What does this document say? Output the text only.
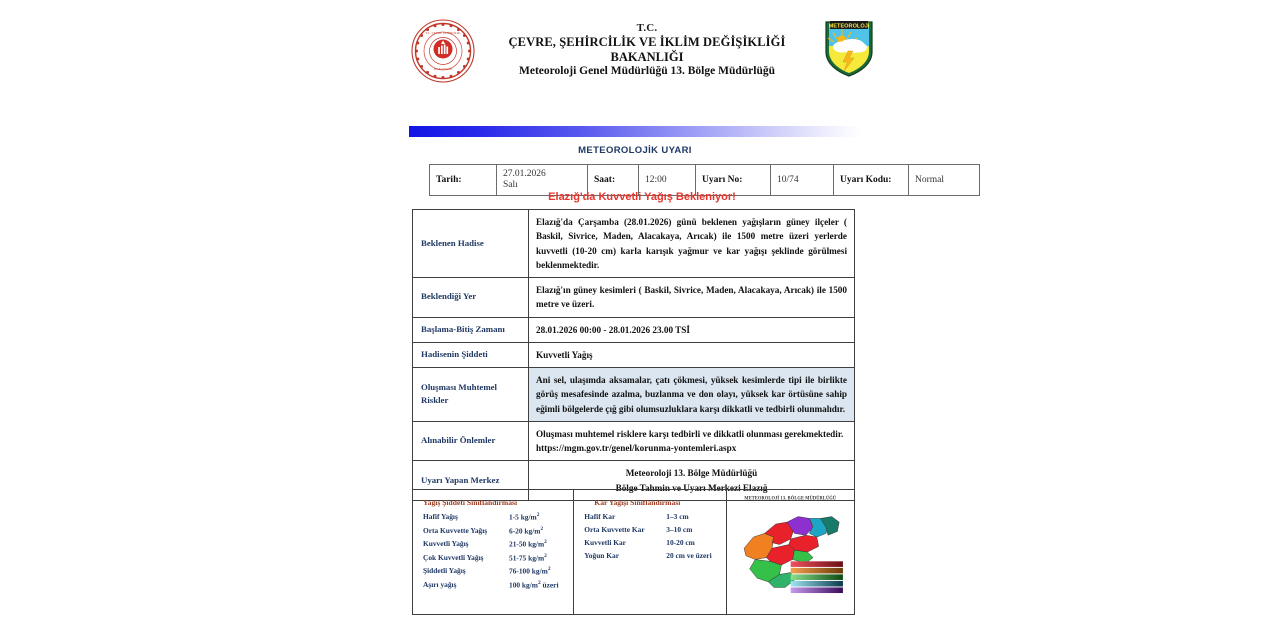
T.C. ÇEVRE ŞEHİRCİLİK
BAKANLIĞI
T.C.
ÇEVRE, ŞEHİRCİLİK VE İKLİM DEĞİŞİKLİĞİ
BAKANLIĞI
Meteoroloji Genel Müdürlüğü 13. Bölge Müdürlüğü
METEOROLOJİ
METEOROLOJİK UYARI
Tarih:	
27.01.2026
Salı
	Saat:	12:00	Uyarı No:	10/74	Uyarı Kodu:	Normal
Elazığ'da Kuvvetli Yağış Bekleniyor!
Beklenen Hadise	Elazığ'da Çarşamba (28.01.2026) günü beklenen yağışların güney ilçeler ( Baskil, Sivrice, Maden, Alacakaya, Arıcak) ile 1500 metre üzeri yerlerde kuvvetli (10-20 cm) karla karışık yağmur ve kar yağışı şeklinde görülmesi beklenmektedir.
Beklendiği Yer	Elazığ'ın güney kesimleri ( Baskil, Sivrice, Maden, Alacakaya, Arıcak) ile 1500 metre ve üzeri.
Başlama-Bitiş Zamanı	28.01.2026 00:00 - 28.01.2026 23.00 TSİ
Hadisenin Şiddeti	Kuvvetli Yağış
Oluşması Muhtemel Riskler	Ani sel, ulaşımda aksamalar, çatı çökmesi, yüksek kesimlerde tipi ile birlikte görüş mesafesinde azalma, buzlanma ve don olayı, yüksek kar örtüsüne sahip eğimli bölgelerde çığ gibi olumsuzluklara karşı dikkatli ve tedbirli olunmalıdır.
Alınabilir Önlemler	Oluşması muhtemel risklere karşı tedbirli ve dikkatli olunması gerekmektedir.
https://mgm.gov.tr/genel/korunma-yontemleri.aspx

Uyarı Yapan Merkez	Meteoroloji 13. Bölge Müdürlüğü
Bölge Tahmin ve Uyarı Merkezi Elazığ
Yağış Şiddeti Sınıflandırması
Hafif Yağış	1-5 $kg/m^2$
Orta Kuvvette Yağış	6-20 $kg/m^2$
Kuvvetli Yağış	21-50 $kg/m^2$
Çok Kuvvetli Yağış	51-75 $kg/m^2$
Şiddetli Yağış	76-100 $kg/m^2$
Aşırı yağış	100 $kg/m^2$ üzeri
Kar Yağışı Sınıflandırması
Hafif Kar	1–3 cm
Orta Kuvvette Kar	3–10 cm
Kuvvetli Kar	10-20 cm
Yoğun Kar	20 cm ve üzeri
METEOROLOJİ 13. BÖLGE MÜDÜRLÜĞÜ
